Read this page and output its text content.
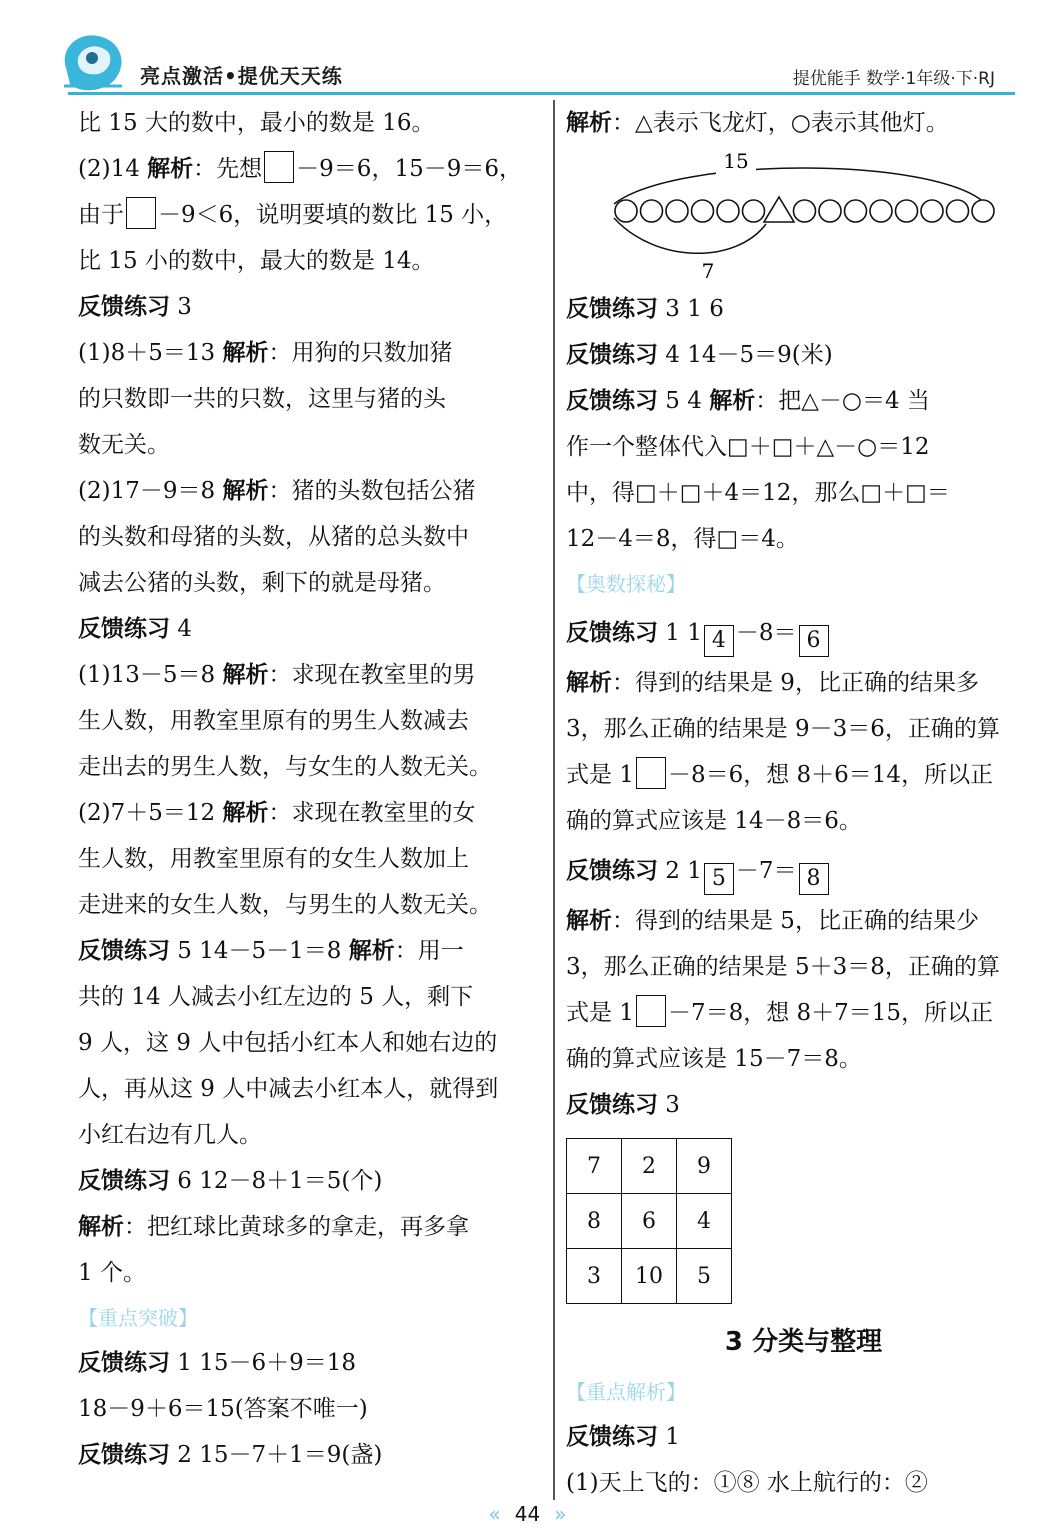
亮点激活•提优天天练	提优能手 数学·1年级·下·RJ
比 15 大的数中，最小的数是 16。
(2)14 解析：先想 －9＝6，15－9＝6，
由于 －9＜6，说明要填的数比 15 小，
比 15 小的数中，最大的数是 14。
反馈练习 3
(1)8＋5＝13 解析：用狗的只数加猪
的只数即一共的只数，这里与猪的头
数无关。
(2)17－9＝8 解析：猪的头数包括公猪
的头数和母猪的头数，从猪的总头数中
减去公猪的头数，剩下的就是母猪。
反馈练习 4
(1)13－5＝8 解析：求现在教室里的男
生人数，用教室里原有的男生人数减去
走出去的男生人数，与女生的人数无关。
(2)7＋5＝12 解析：求现在教室里的女
生人数，用教室里原有的女生人数加上
走进来的女生人数，与男生的人数无关。
反馈练习 5 14－5－1＝8 解析：用一
共的 14 人减去小红左边的 5 人，剩下
9 人，这 9 人中包括小红本人和她右边的
人，再从这 9 人中减去小红本人，就得到
小红右边有几人。
反馈练习 6 12－8＋1＝5(个)
解析：把红球比黄球多的拿走，再多拿
1 个。
【重点突破】
反馈练习 1 15－6＋9＝18
18－9＋6＝15(答案不唯一)
反馈练习 2 15－7＋1＝9(盏)
解析：△表示飞龙灯，○表示其他灯。
15
7
反馈练习 3 1 6
反馈练习 4 14－5＝9(米)
反馈练习 5 4 解析：把△－○＝4 当
作一个整体代入□＋□＋△－○＝12
中，得□＋□＋4＝12，那么□＋□＝
12－4＝8，得□＝4。
【奥数探秘】
反馈练习 1 1 4 －8＝ 6
解析：得到的结果是 9，比正确的结果多
3，那么正确的结果是 9－3＝6，正确的算
式是 1 －8＝6，想 8＋6＝14，所以正
确的算式应该是 14－8＝6。
反馈练习 2 1 5 －7＝ 8
解析：得到的结果是 5，比正确的结果少
3，那么正确的结果是 5＋3＝8，正确的算
式是 1 －7＝8，想 8＋7＝15，所以正
确的算式应该是 15－7＝8。
反馈练习 3
7	2	9
8	6	4
3	10	5
3 分类与整理
【重点解析】
反馈练习 1
(1)天上飞的：①⑧ 水上航行的：②
« 44 »
